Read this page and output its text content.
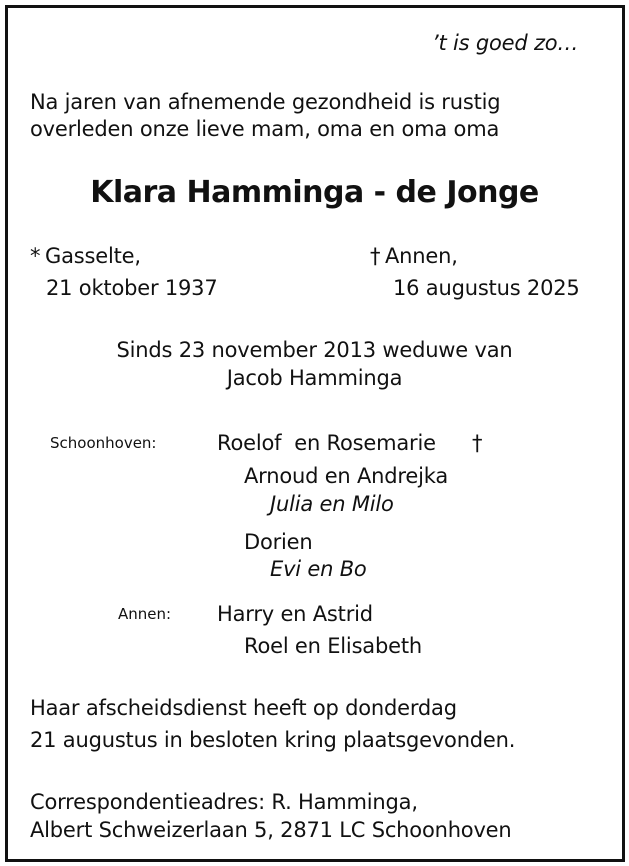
’t is goed zo…
Na jaren van afnemende gezondheid is rustig
overleden onze lieve mam, oma en oma oma
Klara Hamminga - de Jonge
* Gasselte,
21 oktober 1937
† Annen,
16 augustus 2025
Sinds 23 november 2013 weduwe van
Jacob Hamminga
Schoonhoven:	Roelof  en Rosemarie †
Arnoud en Andrejka
Julia en Milo
Dorien
Evi en Bo
Annen: Harry en Astrid
Roel en Elisabeth
Haar afscheidsdienst heeft op donderdag
21 augustus in besloten kring plaatsgevonden.
Correspondentieadres: R. Hamminga,
Albert Schweizerlaan 5, 2871 LC Schoonhoven
